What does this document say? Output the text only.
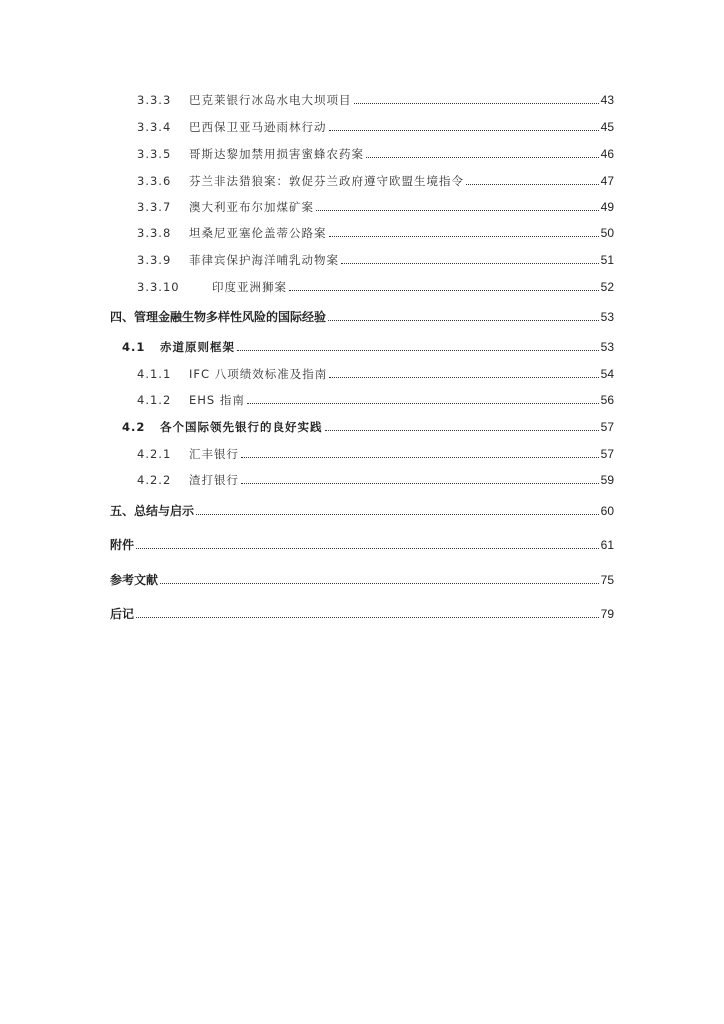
3.3.3	巴克莱银行冰岛水电大坝项目	43
3.3.4	巴西保卫亚马逊雨林行动	45
3.3.5	哥斯达黎加禁用损害蜜蜂农药案	46
3.3.6	芬兰非法猎狼案：敦促芬兰政府遵守欧盟生境指令	47
3.3.7	澳大利亚布尔加煤矿案	49
3.3.8	坦桑尼亚塞伦盖蒂公路案	50
3.3.9	菲律宾保护海洋哺乳动物案	51
3.3.10	印度亚洲狮案	52
四、管理金融生物多样性风险的国际经验	53
4.1	赤道原则框架	53
4.1.1	IFC 八项绩效标准及指南	54
4.1.2	EHS 指南	56
4.2	各个国际领先银行的良好实践	57
4.2.1	汇丰银行	57
4.2.2	渣打银行	59
五、总结与启示	60
附件	61
参考文献	75
后记	79
